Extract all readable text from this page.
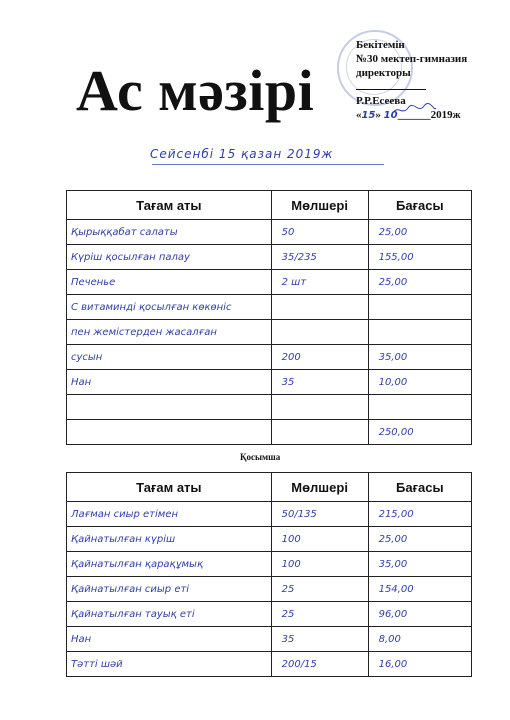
Ас мәзірі
Бекітемін
№30 мектеп-гимназия
директоры
Р.Р.Есеева
«15» 10______2019ж
Сейсенбі 15 қазан 2019ж
Тағам аты	Мөлшері	Бағасы
Қырыққабат салаты	50	25,00
Күріш қосылған палау	35/235	155,00
Печенье	2 шт	25,00
С витаминді қосылған көкөніс		
пен жемістерден жасалған		
сусын	200	35,00
Нан	35	10,00

		250,00
Қосымша
Тағам аты	Мөлшері	Бағасы
Лағман сиыр етімен	50/135	215,00
Қайнатылған күріш	100	25,00
Қайнатылған қарақұмық	100	35,00
Қайнатылған сиыр еті	25	154,00
Қайнатылған тауық еті	25	96,00
Нан	35	8,00
Тәтті шәй	200/15	16,00
